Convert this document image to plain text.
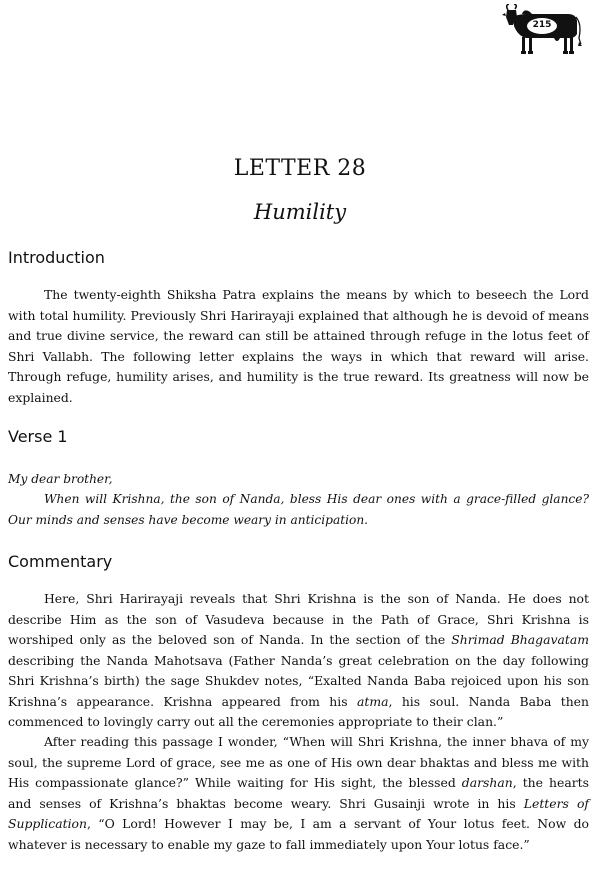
215
LETTER 28
Humility
Introduction

The twenty-eighth Shiksha Patra explains the means by which to beseech the Lord with total humility. Previously Shri Harirayaji explained that although he is devoid of means and true divine service, the reward can still be attained through refuge in the lotus feet of Shri Vallabh. The following letter explains the ways in which that reward will arise. Through refuge, humility arises, and humility is the true reward. Its greatness will now be explained.

Verse 1

My dear brother,

When will Krishna, the son of Nanda, bless His dear ones with a grace-filled glance? Our minds and senses have become weary in anticipation.

Commentary

Here, Shri Harirayaji reveals that Shri Krishna is the son of Nanda. He does not describe Him as the son of Vasudeva because in the Path of Grace, Shri Krishna is worshiped only as the beloved son of Nanda. In the section of the Shrimad Bhagavatam describing the Nanda Mahotsava (Father Nanda’s great celebration on the day following Shri Krishna’s birth) the sage Shukdev notes, “Exalted Nanda Baba rejoiced upon his son Krishna’s appearance. Krishna appeared from his atma, his soul. Nanda Baba then commenced to lovingly carry out all the ceremonies appropriate to their clan.”

After reading this passage I wonder, “When will Shri Krishna, the inner bhava of my soul, the supreme Lord of grace, see me as one of His own dear bhaktas and bless me with His compassionate glance?” While waiting for His sight, the blessed darshan, the hearts and senses of Krishna’s bhaktas become weary. Shri Gusainji wrote in his Letters of Supplication, “O Lord! However I may be, I am a servant of Your lotus feet. Now do whatever is necessary to enable my gaze to fall immediately upon Your lotus face.”
